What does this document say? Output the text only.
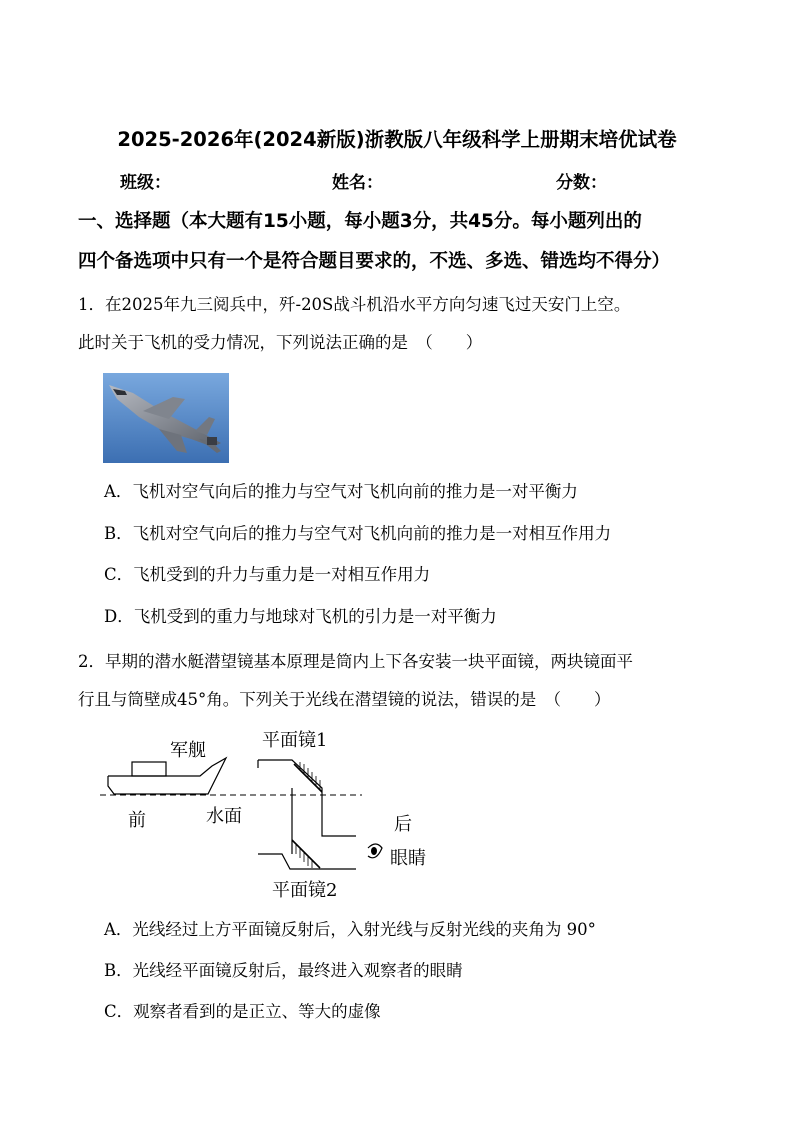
2025-2026年(2024新版)浙教版八年级科学上册期末培优试卷
班级：	姓名：	分数：
一、选择题（本大题有15小题，每小题3分，共45分。每小题列出的
四个备选项中只有一个是符合题目要求的，不选、多选、错选均不得分）
1．在2025年九三阅兵中，歼-20S战斗机沿水平方向匀速飞过天安门上空。
此时关于飞机的受力情况，下列说法正确的是　（　　）
A．飞机对空气向后的推力与空气对飞机向前的推力是一对平衡力
B．飞机对空气向后的推力与空气对飞机向前的推力是一对相互作用力
C．飞机受到的升力与重力是一对相互作用力
D．飞机受到的重力与地球对飞机的引力是一对平衡力
2．早期的潜水艇潜望镜基本原理是筒内上下各安装一块平面镜，两块镜面平
行且与筒壁成45°角。下列关于光线在潜望镜的说法，错误的是　（　　）
军舰	平面镜1
前	水面	后
眼睛
平面镜2
A．光线经过上方平面镜反射后，入射光线与反射光线的夹角为 90°
B．光线经平面镜反射后，最终进入观察者的眼睛
C．观察者看到的是正立、等大的虚像
